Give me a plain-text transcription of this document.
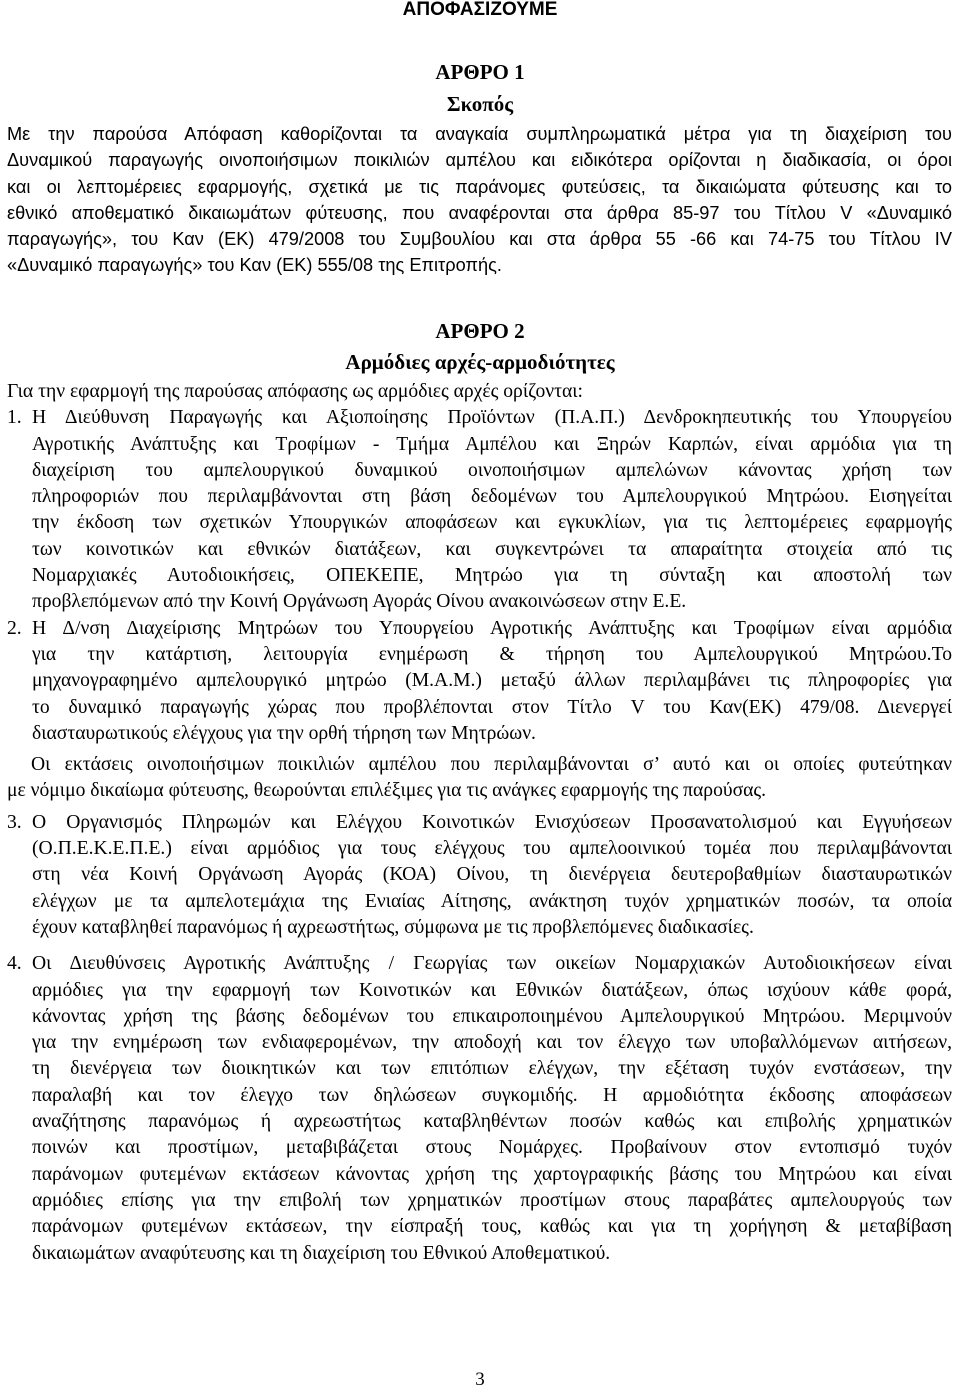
ΑΠΟΦΑΣΙΖΟΥΜΕ
ΑΡΘΡΟ 1
Σκοπός
Με την παρούσα Απόφαση καθορίζονται τα αναγκαία συμπληρωματικά μέτρα για τη διαχείριση του
Δυναμικού παραγωγής οινοποιήσιμων ποικιλιών αμπέλου και ειδικότερα ορίζονται η διαδικασία, οι όροι
και οι λεπτομέρειες εφαρμογής, σχετικά με τις παράνομες φυτεύσεις, τα δικαιώματα φύτευσης και το
εθνικό αποθεματικό δικαιωμάτων φύτευσης, που αναφέρονται στα άρθρα 85-97 του Τίτλου V «Δυναμικό
παραγωγής», του Καν (ΕΚ) 479/2008 του Συμβουλίου και στα άρθρα 55 -66 και 74-75 του Τίτλου IV
«Δυναμικό παραγωγής» του Καν (ΕΚ) 555/08 της Επιτροπής.
ΑΡΘΡΟ 2
Αρμόδιες αρχές-αρμοδιότητες
Για την εφαρμογή της παρούσας απόφασης ως αρμόδιες αρχές ορίζονται:
1. Η Διεύθυνση Παραγωγής και Αξιοποίησης Προϊόντων (Π.Α.Π.) Δενδροκηπευτικής του Υπουργείου
Αγροτικής Ανάπτυξης και Τροφίμων - Τμήμα Αμπέλου και Ξηρών Καρπών, είναι αρμόδια για τη
διαχείριση του αμπελουργικού δυναμικού οινοποιήσιμων αμπελώνων κάνοντας χρήση των
πληροφοριών που περιλαμβάνονται στη βάση δεδομένων του Αμπελουργικού Μητρώου. Εισηγείται
την έκδοση των σχετικών Υπουργικών αποφάσεων και εγκυκλίων, για τις λεπτομέρειες εφαρμογής
των κοινοτικών και εθνικών διατάξεων, και συγκεντρώνει τα απαραίτητα στοιχεία από τις
Νομαρχιακές Αυτοδιοικήσεις, ΟΠΕΚΕΠΕ, Μητρώο για τη σύνταξη και αποστολή των
προβλεπόμενων από την Κοινή Οργάνωση Αγοράς Οίνου ανακοινώσεων στην Ε.Ε.
2. Η Δ/νση Διαχείρισης Μητρώων του Υπουργείου Αγροτικής Ανάπτυξης και Τροφίμων είναι αρμόδια
για την κατάρτιση, λειτουργία ενημέρωση & τήρηση του Αμπελουργικού Μητρώου.Το
μηχανογραφημένο αμπελουργικό μητρώο (Μ.Α.Μ.) μεταξύ άλλων περιλαμβάνει τις πληροφορίες για
το δυναμικό παραγωγής χώρας που προβλέπονται στον Τίτλο V του Καν(ΕΚ) 479/08. Διενεργεί
διασταυρωτικούς ελέγχους για την ορθή τήρηση των Μητρώων.
Οι εκτάσεις οινοποιήσιμων ποικιλιών αμπέλου που περιλαμβάνονται σ’ αυτό και οι οποίες φυτεύτηκαν
με νόμιμο δικαίωμα φύτευσης, θεωρούνται επιλέξιμες για τις ανάγκες εφαρμογής της παρούσας.
3. Ο Οργανισμός Πληρωμών και Ελέγχου Κοινοτικών Ενισχύσεων Προσανατολισμού και Εγγυήσεων
(Ο.Π.Ε.Κ.Ε.Π.Ε.) είναι αρμόδιος για τους ελέγχους του αμπελοοινικού τομέα που περιλαμβάνονται
στη νέα Κοινή Οργάνωση Αγοράς (ΚΟΑ) Οίνου, τη διενέργεια δευτεροβαθμίων διασταυρωτικών
ελέγχων με τα αμπελοτεμάχια της Ενιαίας Αίτησης, ανάκτηση τυχόν χρηματικών ποσών, τα οποία
έχουν καταβληθεί παρανόμως ή αχρεωστήτως, σύμφωνα με τις προβλεπόμενες διαδικασίες.
4. Οι Διευθύνσεις Αγροτικής Ανάπτυξης / Γεωργίας των οικείων Νομαρχιακών Αυτοδιοικήσεων είναι
αρμόδιες για την εφαρμογή των Κοινοτικών και Εθνικών διατάξεων, όπως ισχύουν κάθε φορά,
κάνοντας χρήση της βάσης δεδομένων του επικαιροποιημένου Αμπελουργικού Μητρώου. Μεριμνούν
για την ενημέρωση των ενδιαφερομένων, την αποδοχή και τον έλεγχο των υποβαλλόμενων αιτήσεων,
τη διενέργεια των διοικητικών και των επιτόπιων ελέγχων, την εξέταση τυχόν ενστάσεων, την
παραλαβή και τον έλεγχο των δηλώσεων συγκομιδής. Η αρμοδιότητα έκδοσης αποφάσεων
αναζήτησης παρανόμως ή αχρεωστήτως καταβληθέντων ποσών καθώς και επιβολής χρηματικών
ποινών και προστίμων, μεταβιβάζεται στους Νομάρχες. Προβαίνουν στον εντοπισμό τυχόν
παράνομων φυτεμένων εκτάσεων κάνοντας χρήση της χαρτογραφικής βάσης του Μητρώου και είναι
αρμόδιες επίσης για την επιβολή των χρηματικών προστίμων στους παραβάτες αμπελουργούς των
παράνομων φυτεμένων εκτάσεων, την είσπραξή τους, καθώς και για τη χορήγηση & μεταβίβαση
δικαιωμάτων αναφύτευσης και τη διαχείριση του Εθνικού Αποθεματικού.
3
